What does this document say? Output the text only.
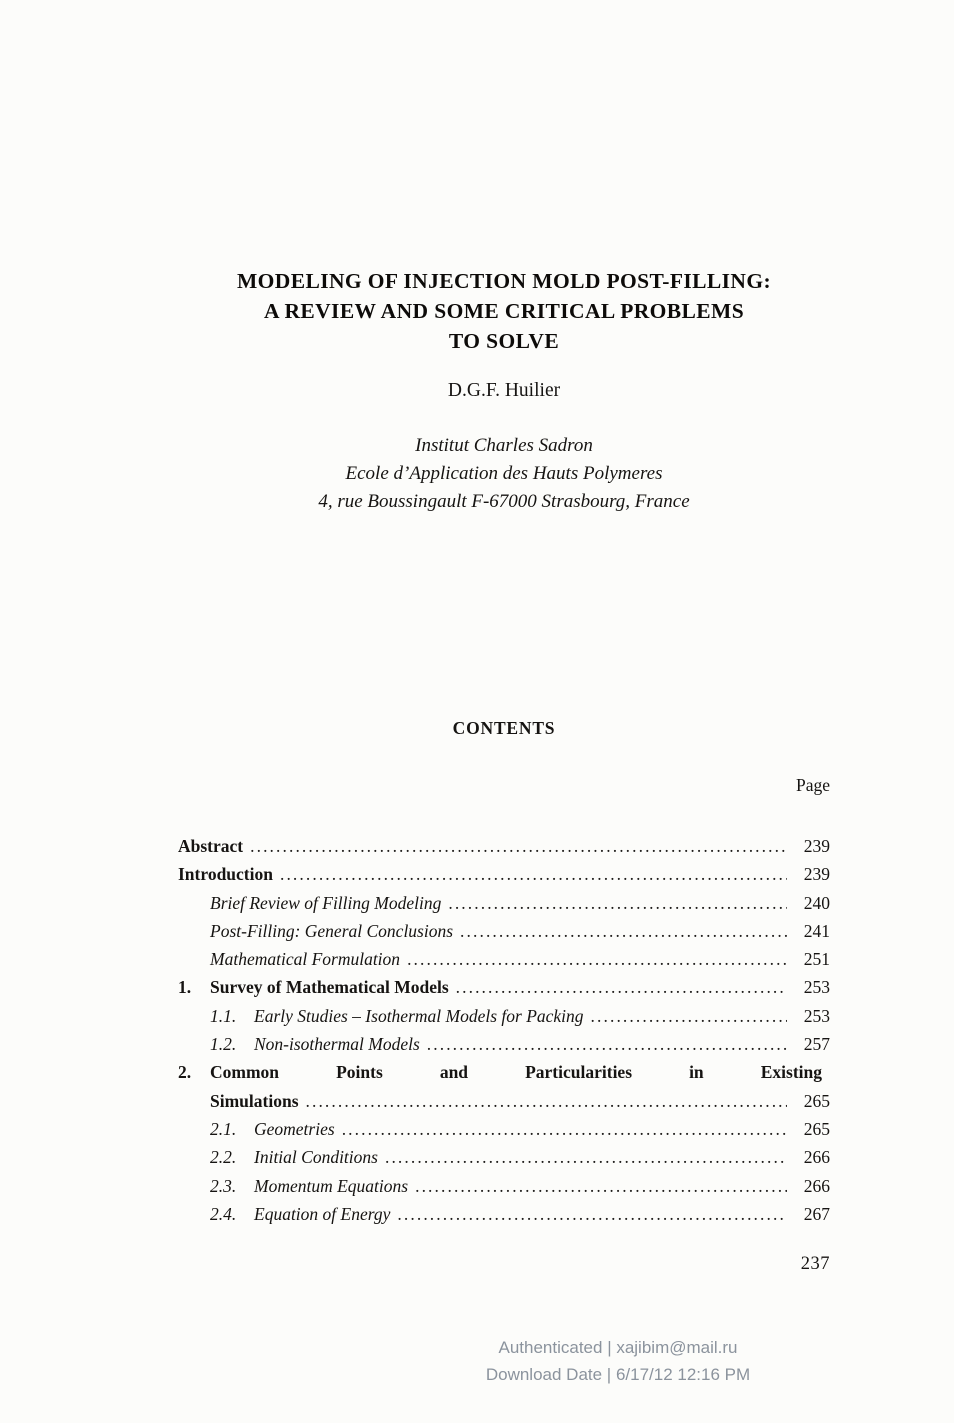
MODELING OF INJECTION MOLD POST-FILLING:
A REVIEW AND SOME CRITICAL PROBLEMS
TO SOLVE
D.G.F. Huilier
Institut Charles Sadron
Ecole d’Application des Hauts Polymeres
4, rue Boussingault F-67000 Strasbourg, France
CONTENTS
Page
Abstract .....	239
Introduction .....	239
Brief Review of Filling Modeling .....	240
Post-Filling: General Conclusions .....	241
Mathematical Formulation .....	251
1.	Survey of Mathematical Models .....	253
1.1.	Early Studies – Isothermal Models for Packing .....	253
1.2.	Non-isothermal Models .....	257
2.	Common Points and Particularities in Existing
Simulations .....	265
2.1.	Geometries .....	265
2.2.	Initial Conditions .....	266
2.3.	Momentum Equations .....	266
2.4.	Equation of Energy .....	267
237
Authenticated | xajibim@mail.ru
Download Date | 6/17/12 12:16 PM
